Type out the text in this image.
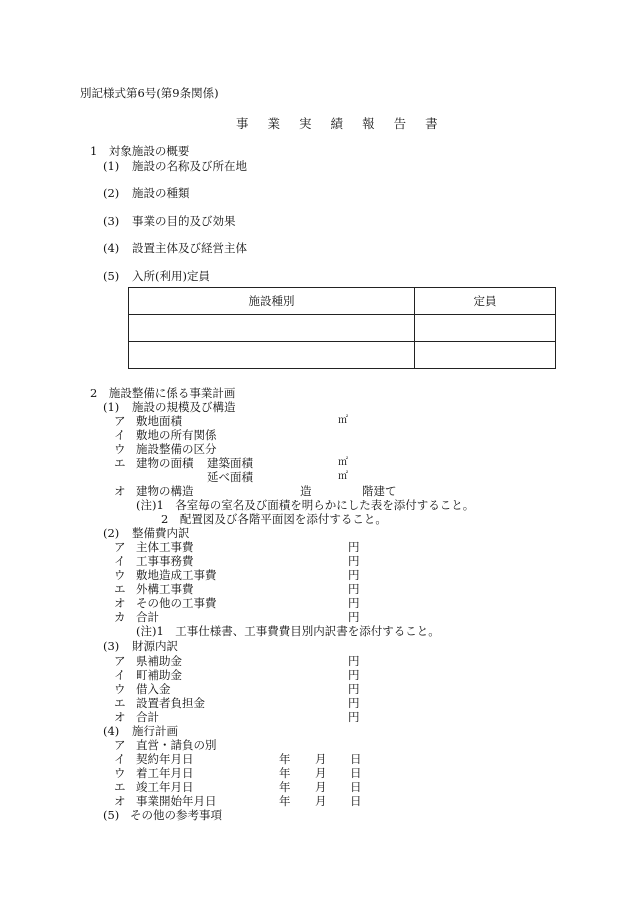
別記様式第6号(第9条関係)
事 業 実 績 報 告 書
1　対象施設の概要
(1) 施設の名称及び所在地
(2) 施設の種類
(3) 事業の目的及び効果
(4) 設置主体及び経営主体
(5) 入所(利用)定員
施設種別	定員

2　施設整備に係る事業計画
(1) 施設の規模及び構造
ア 敷地面積	㎡
イ 敷地の所有関係
ウ 施設整備の区分
エ 建物の面積 建築面積	㎡
延べ面積	㎡
オ 建物の構造	造	階建て
(注)1　各室毎の室名及び面積を明らかにした表を添付すること。
2　配置図及び各階平面図を添付すること。
(2) 整備費内訳
ア 主体工事費	円
イ 工事事務費	円
ウ 敷地造成工事費	円
エ 外構工事費	円
オ その他の工事費	円
カ 合計	円
(注)1　工事仕様書、工事費費目別内訳書を添付すること。
(3) 財源内訳
ア 県補助金	円
イ 町補助金	円
ウ 借入金	円
エ 設置者負担金	円
オ 合計	円
(4) 施行計画
ア 直営・請負の別
イ 契約年月日	年 月 日
ウ 着工年月日	年 月 日
エ 竣工年月日	年 月 日
オ 事業開始年月日	年 月 日
(5) その他の参考事項
